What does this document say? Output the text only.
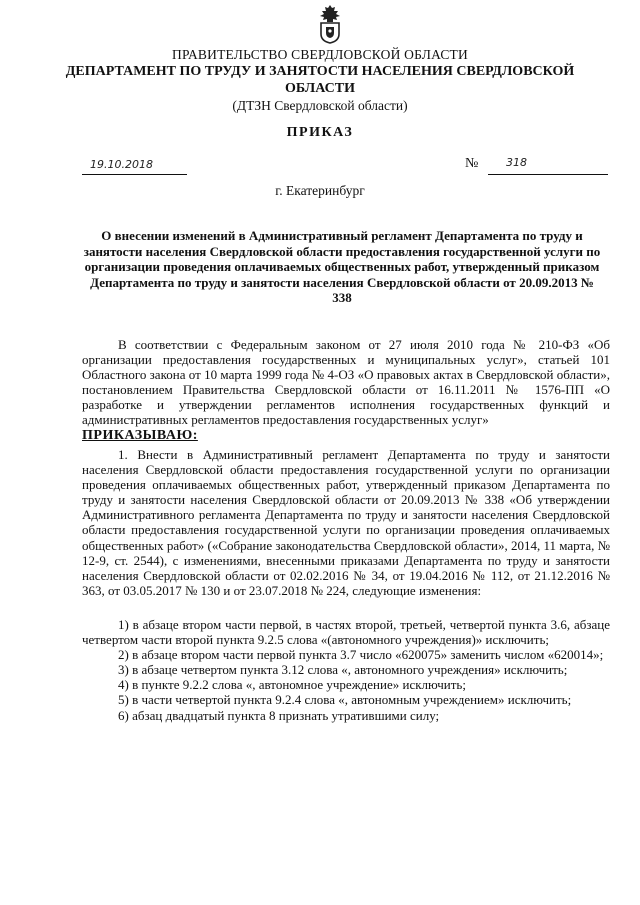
ПРАВИТЕЛЬСТВО СВЕРДЛОВСКОЙ ОБЛАСТИ
ДЕПАРТАМЕНТ ПО ТРУДУ И ЗАНЯТОСТИ НАСЕЛЕНИЯ СВЕРДЛОВСКОЙ
ОБЛАСТИ
(ДТЗН Свердловской области)
ПРИКАЗ
19.10.2018	№	318
г. Екатеринбург
О внесении изменений в Административный регламент Департамента по труду и занятости населения Свердловской области предоставления государственной услуги по организации проведения оплачиваемых общественных работ, утвержденный приказом Департамента по труду и занятости населения Свердловской области от 20.09.2013 № 338
В соответствии с Федеральным законом от 27 июля 2010 года № 210-ФЗ «Об организации предоставления государственных и муниципальных услуг», статьей 101 Областного закона от 10 марта 1999 года № 4-ОЗ «О правовых актах в Свердловской области», постановлением Правительства Свердловской области от 16.11.2011 № 1576-ПП «О разработке и утверждении регламентов исполнения государственных функций и административных регламентов предоставления государственных услуг»
ПРИКАЗЫВАЮ:
1. Внести в Административный регламент Департамента по труду и занятости населения Свердловской области предоставления государственной услуги по организации проведения оплачиваемых общественных работ, утвержденный приказом Департамента по труду и занятости населения Свердловской области от 20.09.2013 № 338 «Об утверждении Административного регламента Департамента по труду и занятости населения Свердловской области предоставления государственной услуги по организации проведения оплачиваемых общественных работ» («Собрание законодательства Свердловской области», 2014, 11 марта, № 12-9, ст. 2544), с изменениями, внесенными приказами Департамента по труду и занятости населения Свердловской области от 02.02.2016 № 34, от 19.04.2016 № 112, от 21.12.2016 № 363, от 03.05.2017 № 130 и от 23.07.2018 № 224, следующие изменения:

1) в абзаце втором части первой, в частях второй, третьей, четвертой пункта 3.6, абзаце четвертом части второй пункта 9.2.5 слова «(автономного учреждения)» исключить;

2) в абзаце втором части первой пункта 3.7 число «620075» заменить числом «620014»;

3) в абзаце четвертом пункта 3.12 слова «, автономного учреждения» исключить;

4) в пункте 9.2.2 слова «, автономное учреждение» исключить;

5) в части четвертой пункта 9.2.4 слова «, автономным учреждением» исключить;

6) абзац двадцатый пункта 8 признать утратившими силу;
